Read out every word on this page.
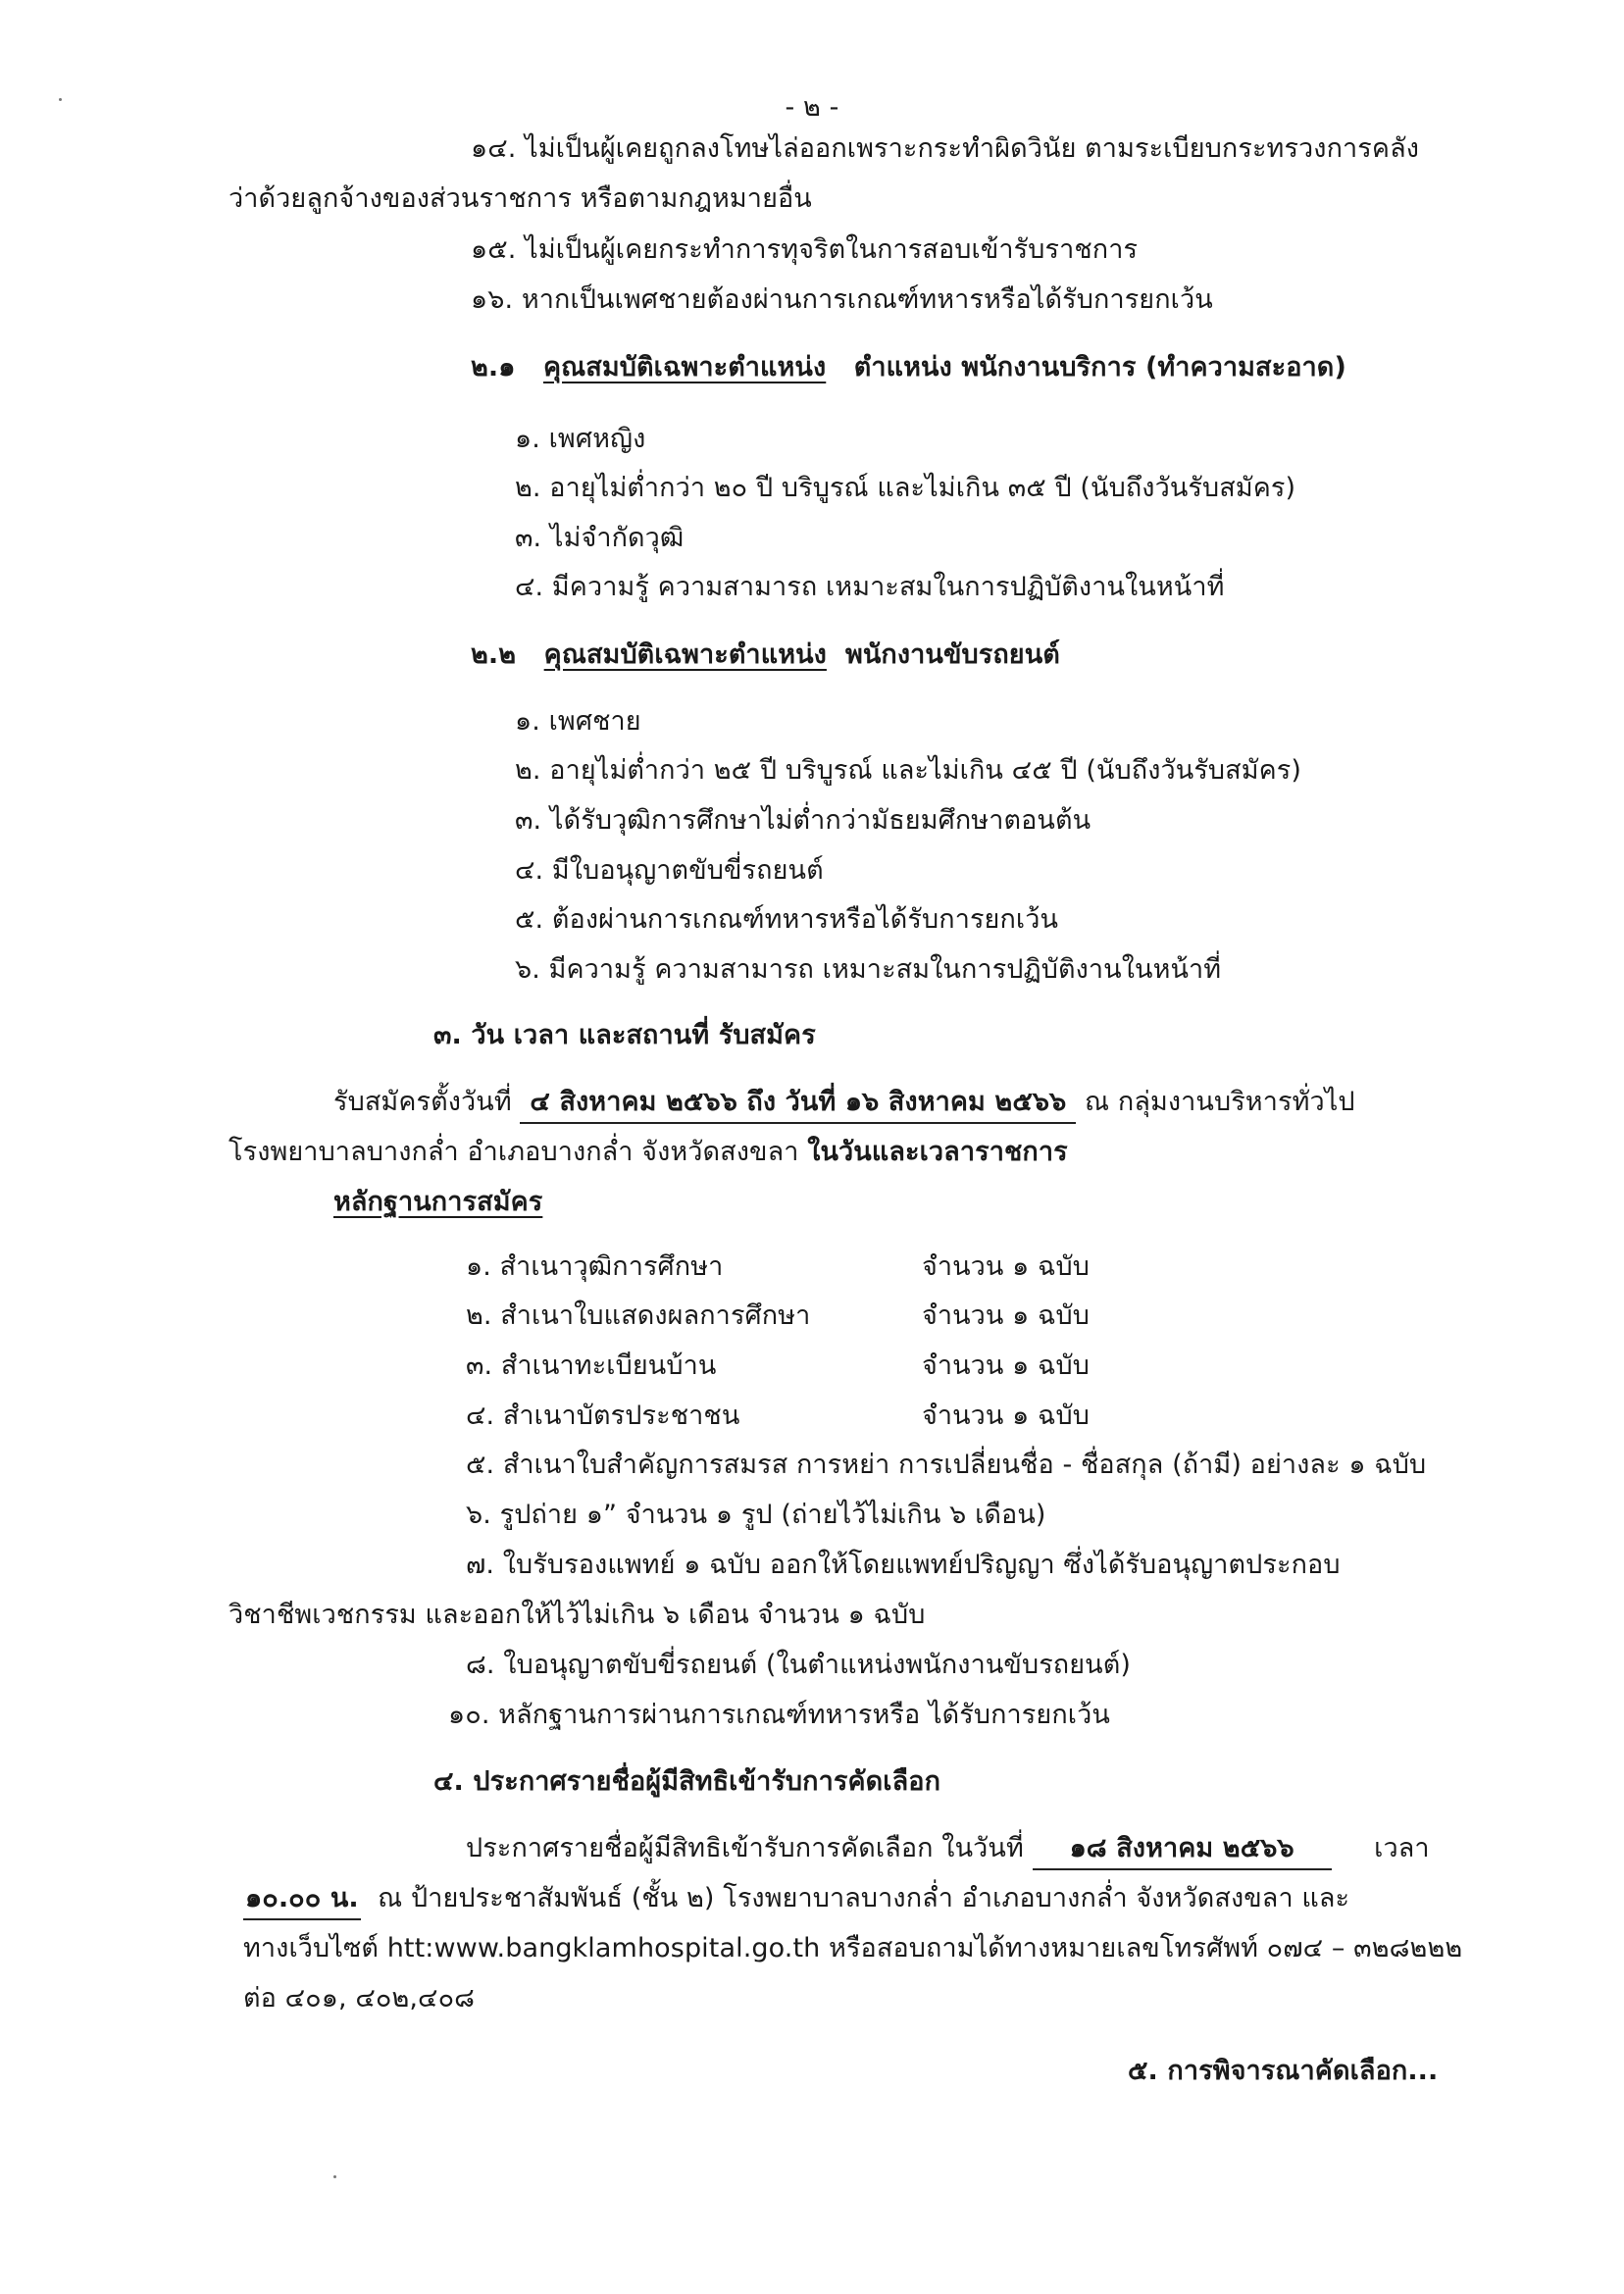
- ๒ -
๑๔. ไม่เป็นผู้เคยถูกลงโทษไล่ออกเพราะกระทำผิดวินัย ตามระเบียบกระทรวงการคลัง
ว่าด้วยลูกจ้างของส่วนราชการ หรือตามกฎหมายอื่น
๑๕. ไม่เป็นผู้เคยกระทำการทุจริตในการสอบเข้ารับราชการ
๑๖. หากเป็นเพศชายต้องผ่านการเกณฑ์ทหารหรือได้รับการยกเว้น
๒.๑ คุณสมบัติเฉพาะตำแหน่ง ตำแหน่ง พนักงานบริการ (ทำความสะอาด)
๑. เพศหญิง
๒. อายุไม่ต่ำกว่า ๒๐ ปี บริบูรณ์ และไม่เกิน ๓๕ ปี (นับถึงวันรับสมัคร)
๓. ไม่จำกัดวุฒิ
๔. มีความรู้ ความสามารถ เหมาะสมในการปฏิบัติงานในหน้าที่
๒.๒ คุณสมบัติเฉพาะตำแหน่ง พนักงานขับรถยนต์
๑. เพศชาย
๒. อายุไม่ต่ำกว่า ๒๕ ปี บริบูรณ์ และไม่เกิน ๔๕ ปี (นับถึงวันรับสมัคร)
๓. ได้รับวุฒิการศึกษาไม่ต่ำกว่ามัธยมศึกษาตอนต้น
๔. มีใบอนุญาตขับขี่รถยนต์
๕. ต้องผ่านการเกณฑ์ทหารหรือได้รับการยกเว้น
๖. มีความรู้ ความสามารถ เหมาะสมในการปฏิบัติงานในหน้าที่
๓. วัน เวลา และสถานที่ รับสมัคร
รับสมัครตั้งวันที่ ๔ สิงหาคม ๒๕๖๖ ถึง วันที่ ๑๖ สิงหาคม ๒๕๖๖ ณ กลุ่มงานบริหารทั่วไป
โรงพยาบาลบางกล่ำ อำเภอบางกล่ำ จังหวัดสงขลา ในวันและเวลาราชการ
หลักฐานการสมัคร
๑. สำเนาวุฒิการศึกษา	จำนวน ๑ ฉบับ
๒. สำเนาใบแสดงผลการศึกษา	จำนวน ๑ ฉบับ
๓. สำเนาทะเบียนบ้าน	จำนวน ๑ ฉบับ
๔. สำเนาบัตรประชาชน	จำนวน ๑ ฉบับ
๕. สำเนาใบสำคัญการสมรส การหย่า การเปลี่ยนชื่อ - ชื่อสกุล (ถ้ามี) อย่างละ ๑ ฉบับ
๖. รูปถ่าย ๑” จำนวน ๑ รูป (ถ่ายไว้ไม่เกิน ๖ เดือน)
๗. ใบรับรองแพทย์ ๑ ฉบับ ออกให้โดยแพทย์ปริญญา ซึ่งได้รับอนุญาตประกอบ
วิชาชีพเวชกรรม และออกให้ไว้ไม่เกิน ๖ เดือน จำนวน ๑ ฉบับ
๘. ใบอนุญาตขับขี่รถยนต์ (ในตำแหน่งพนักงานขับรถยนต์)
๑๐. หลักฐานการผ่านการเกณฑ์ทหารหรือ ได้รับการยกเว้น
๔. ประกาศรายชื่อผู้มีสิทธิเข้ารับการคัดเลือก
ประกาศรายชื่อผู้มีสิทธิเข้ารับการคัดเลือก ในวันที่ ๑๘ สิงหาคม ๒๕๖๖	เวลา
๑๐.๐๐ น. ณ ป้ายประชาสัมพันธ์ (ชั้น ๒) โรงพยาบาลบางกล่ำ อำเภอบางกล่ำ จังหวัดสงขลา และ
ทางเว็บไซต์ htt:www.bangklamhospital.go.th หรือสอบถามได้ทางหมายเลขโทรศัพท์ ๐๗๔ – ๓๒๘๒๒๒
ต่อ ๔๐๑, ๔๐๒,๔๐๘
๕. การพิจารณาคัดเลือก...
